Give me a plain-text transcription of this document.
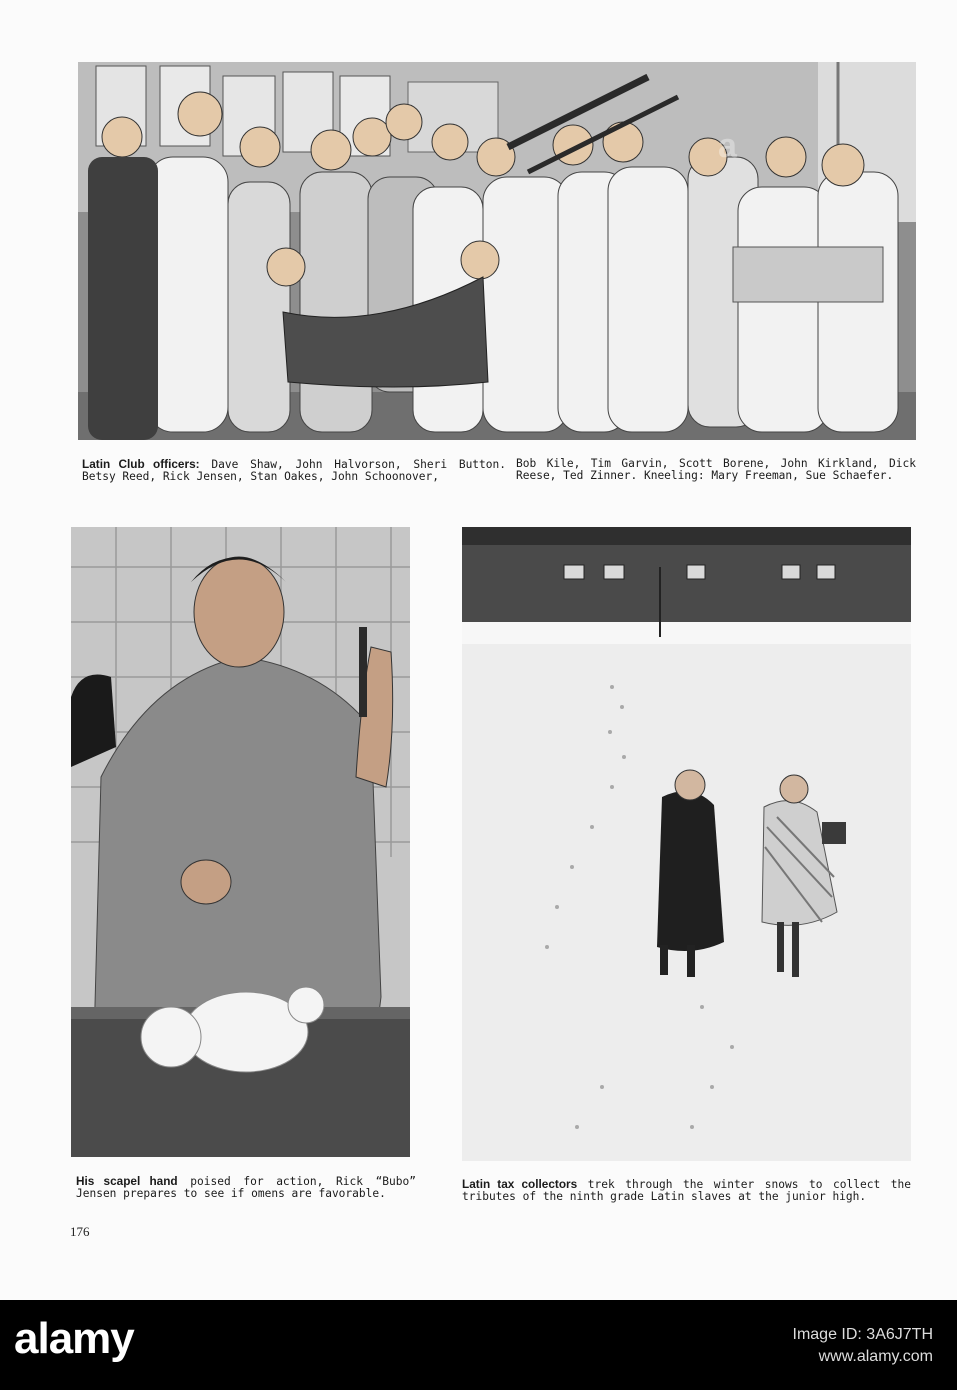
a
Latin Club officers: Dave Shaw, John Halvorson, Sheri Button. Betsy Reed, Rick Jensen, Stan Oakes, John Schoonover,
Bob Kile, Tim Garvin, Scott Borene, John Kirkland, Dick Reese, Ted Zinner. Kneeling: Mary Freeman, Sue Schaefer.
His scapel hand poised for action, Rick “Bubo” Jensen prepares to see if omens are favorable.
Latin tax collectors trek through the winter snows to collect the tributes of the ninth grade Latin slaves at the junior high.
176
alamy	Image ID: 3A6J7TH
www.alamy.com
